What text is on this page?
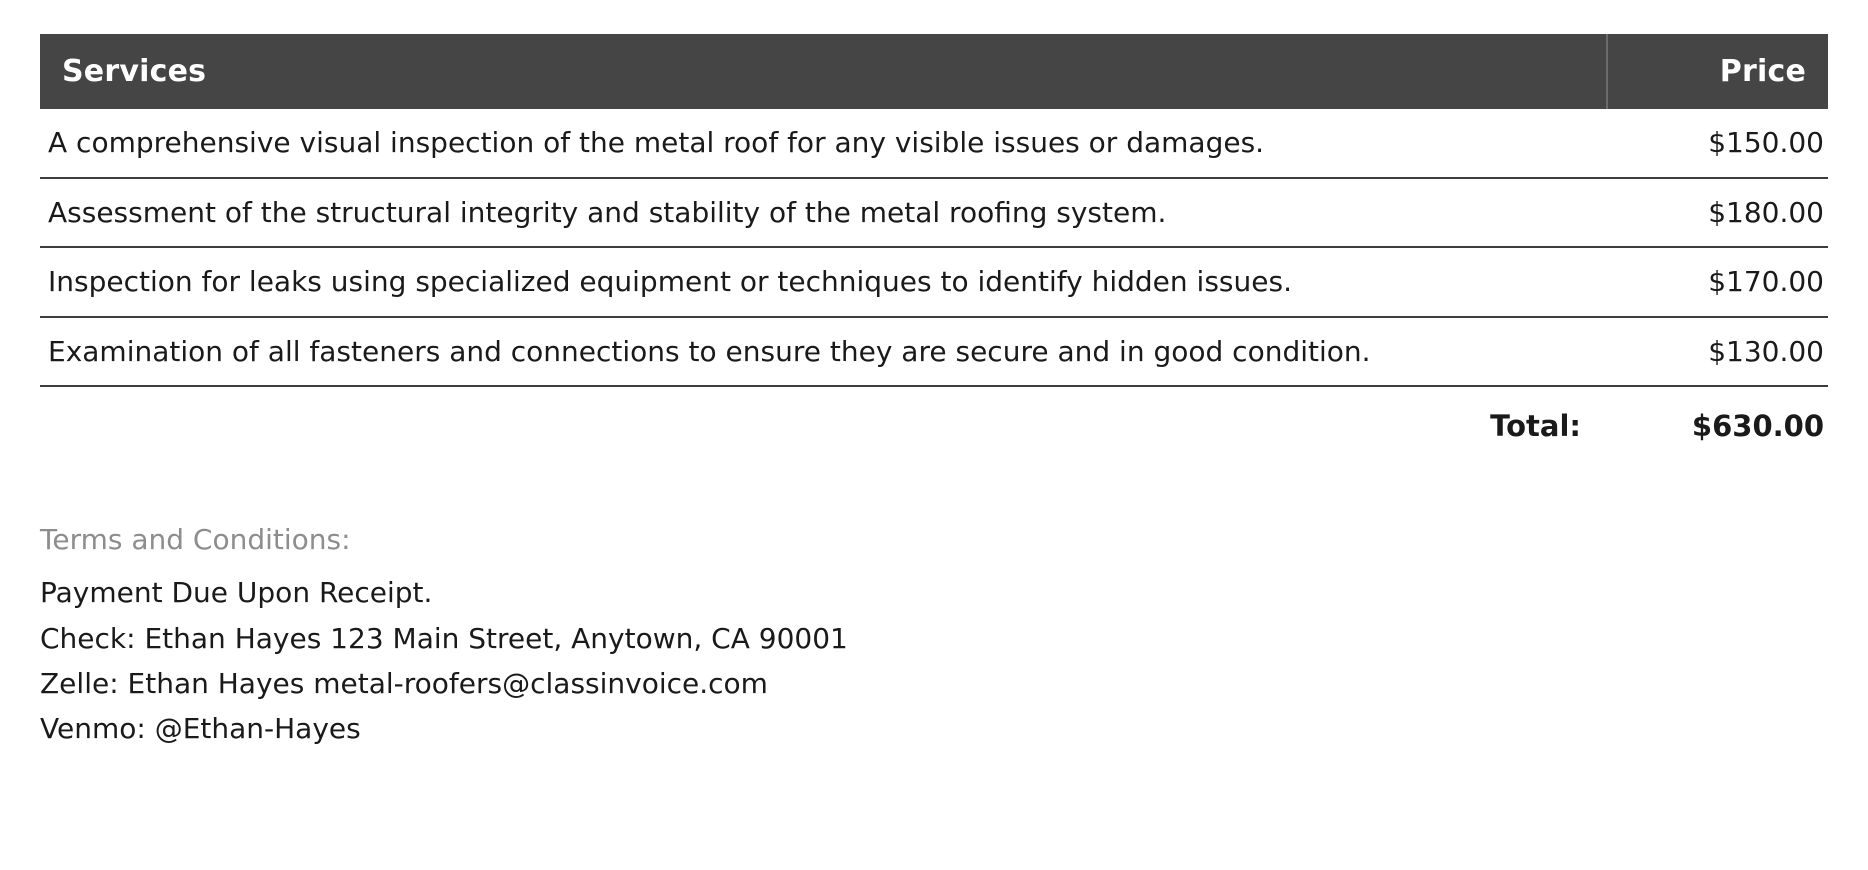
Services	Price
A comprehensive visual inspection of the metal roof for any visible issues or damages.	$150.00
Assessment of the structural integrity and stability of the metal roofing system.	$180.00
Inspection for leaks using specialized equipment or techniques to identify hidden issues.	$170.00
Examination of all fasteners and connections to ensure they are secure and in good condition.	$130.00
Total:	$630.00
Terms and Conditions:
Payment Due Upon Receipt.
Check: Ethan Hayes 123 Main Street, Anytown, CA 90001
Zelle: Ethan Hayes metal-roofers@classinvoice.com
Venmo: @Ethan-Hayes
